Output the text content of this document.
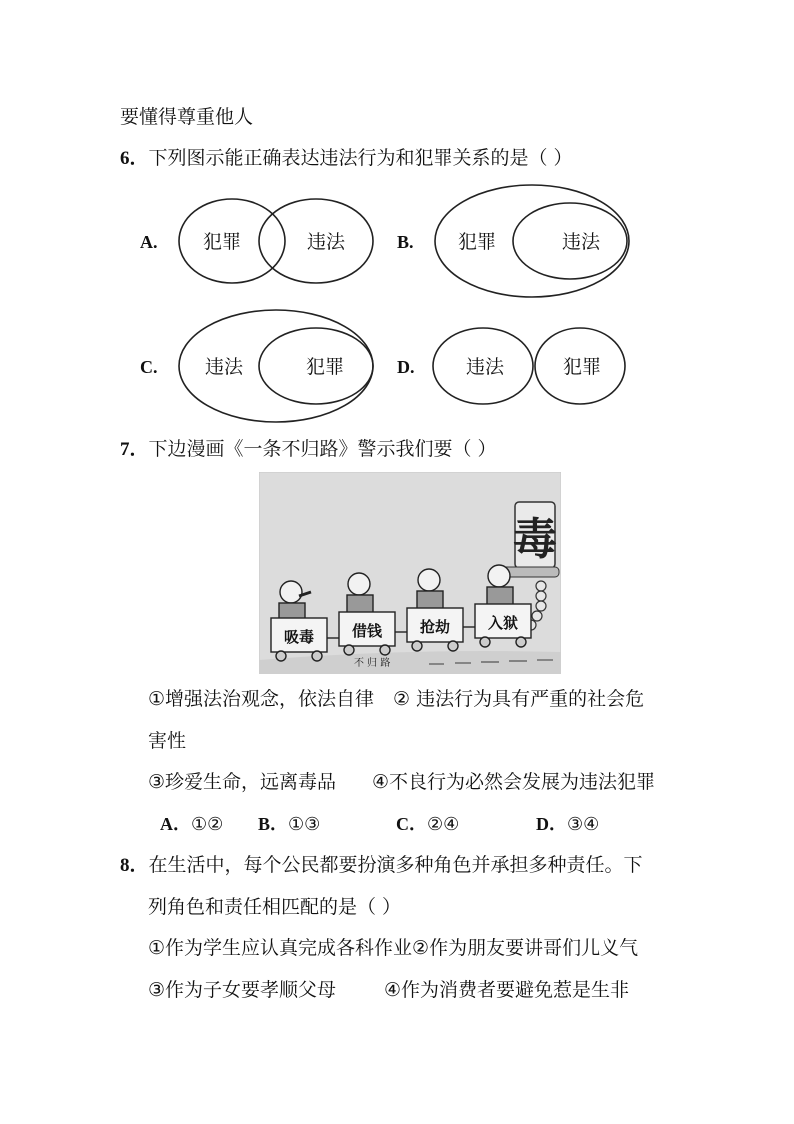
要懂得尊重他人
6．下列图示能正确表达违法行为和犯罪关系的是（ ）
A.	B.
C.	D.
犯罪	违法	犯罪	违法
违法	犯罪	违法	犯罪
7．下边漫画《一条不归路》警示我们要（ ）
不 归 路
毒
吸毒	借钱	抢劫	入狱
①增强法治观念，依法自律　② 违法行为具有严重的社会危
害性
③珍爱生命，远离毒品 ④不良行为必然会发展为违法犯罪
A．①② B．①③	C．②④	D．③④
8．在生活中，每个公民都要扮演多种角色并承担多种责任。下
列角色和责任相匹配的是（ ）
①作为学生应认真完成各科作业②作为朋友要讲哥们儿义气
③作为子女要孝顺父母	④作为消费者要避免惹是生非
